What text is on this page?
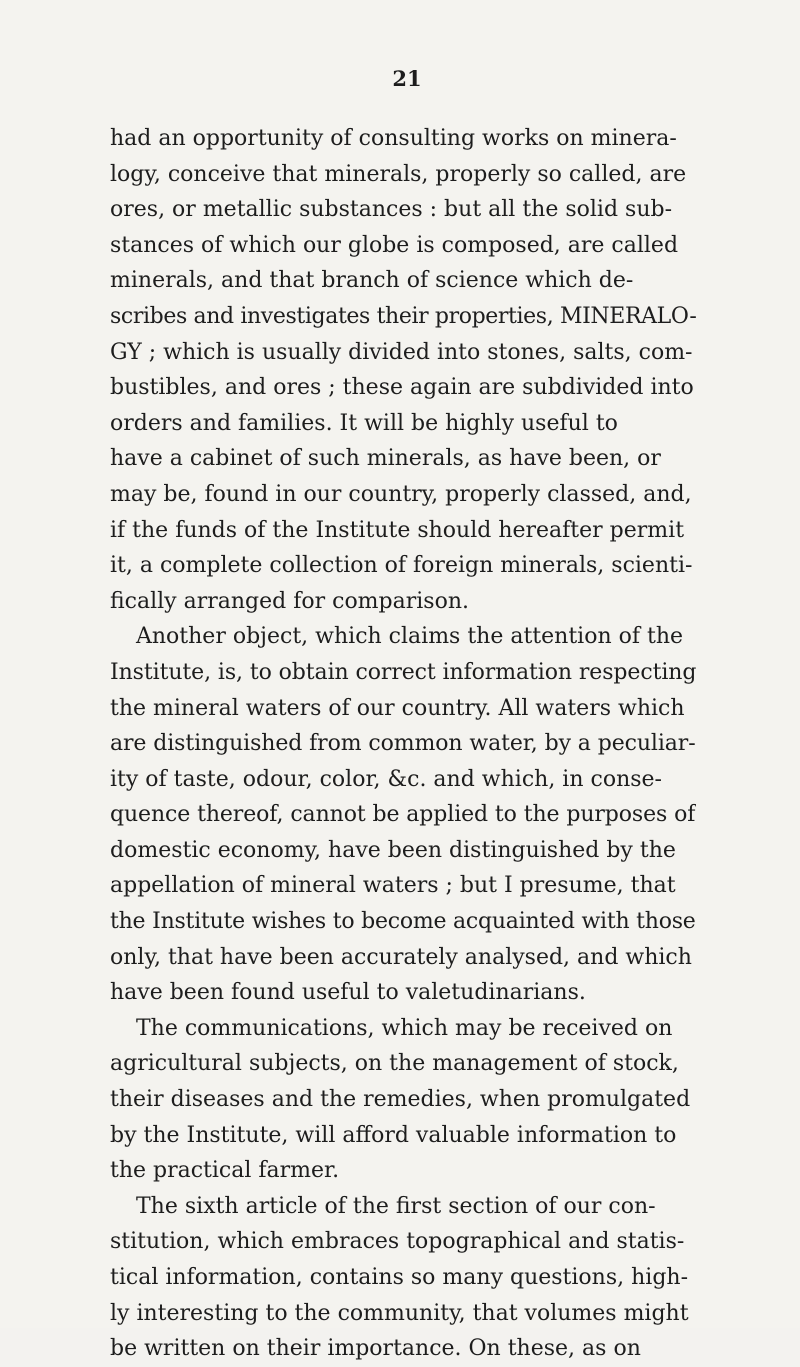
21
had an opportunity of consulting works on minera-
logy, conceive that minerals, properly so called, are
ores, or metallic substances : but all the solid sub-
stances of which our globe is composed, are called
minerals, and that branch of science which de-
scribes and investigates their properties, MINERALO-
GY ; which is usually divided into stones, salts, com-
bustibles, and ores ; these again are subdivided into
orders and families. It will be highly useful to
have a cabinet of such minerals, as have been, or
may be, found in our country, properly classed, and,
if the funds of the Institute should hereafter permit
it, a complete collection of foreign minerals, scienti-
fically arranged for comparison.
Another object, which claims the attention of the
Institute, is, to obtain correct information respecting
the mineral waters of our country. All waters which
are distinguished from common water, by a peculiar-
ity of taste, odour, color, &c. and which, in conse-
quence thereof, cannot be applied to the purposes of
domestic economy, have been distinguished by the
appellation of mineral waters ; but I presume, that
the Institute wishes to become acquainted with those
only, that have been accurately analysed, and which
have been found useful to valetudinarians.
The communications, which may be received on
agricultural subjects, on the management of stock,
their diseases and the remedies, when promulgated
by the Institute, will afford valuable information to
the practical farmer.
The sixth article of the first section of our con-
stitution, which embraces topographical and statis-
tical information, contains so many questions, high-
ly interesting to the community, that volumes might
be written on their importance. On these, as on
